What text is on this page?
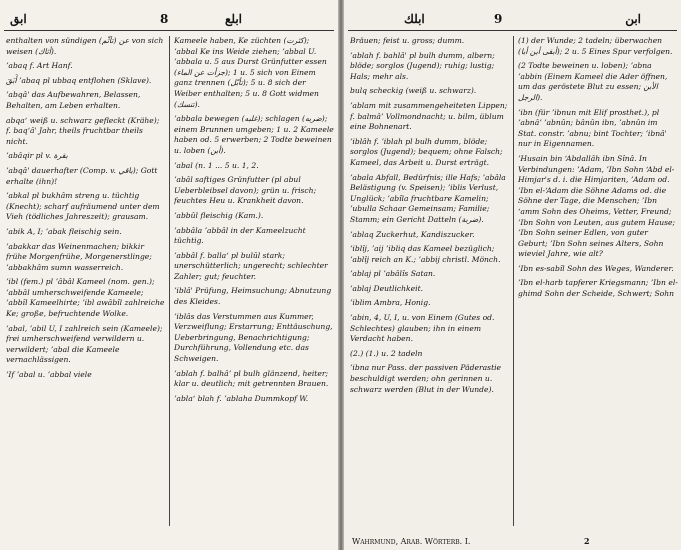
ابق	8	ابلع
enthalten von sündigen (تأثّم) عن von sich weisen (أثاك).
ʼabaq f. Art Hanf.
أَبَقَ ʼabaq pl ubbaq entflohen (Sklave).
ʼabqâ' das Aufbewahren, Belassen, Behalten, am Leben erhalten.
abqaʻ weiß u. schwarz gefleckt (Krähe); f. baqʻâ' Jahr, theils fruchtbar theils nicht.
ʼabâqir pl v. بقرة
ʼabqâ' dauerhafter (Comp. v. باقي); Gott erhalte (ihn)!
ʼabkal pl bukhâm streng u. tüchtig (Knecht); scharf aufräumend unter dem Vieh (tödliches Jahreszeit); grausam.
ʼabik A, I; ʼabak fleischig sein.
ʼabakkar das Weinenmachen; bikkir frühe Morgenfrühe, Morgenerstlinge; ʼabbakhâm sumn wasserreich.
ʼibl (fem.) pl ʼâbâl Kameel (nom. gen.); ʼabbâl umherschweifende Kameele; ʼabbîl Kameelhirte; ʼibl awâbîl zahlreiche Ke; große, befruchtende Wolke.
ʼabal, ʼabil U, I zahlreich sein (Kameele); frei umherschweifend verwildern u. verwildert; ʼabal die Kameele vernachlässigen.
ʼIf ʼabal u. ʼabbal viele
Kameele haben, Ke züchten (كثرت); ʼabbal Ke ins Weide ziehen; ʼabbal U. ʼabbala u. 5 aus Durst Grünfutter essen (جزأت عن الماء); 1 u. 5 sich von Einem ganz trennen (تأبّل); 5 u. 8 sich der Weiber enthalten; 5 u. 8 Gott widmen (تنسك).
ʼabbala bewegen (غلبه); schlagen (ضربه); einem Brunnen umgeben; 1 u. 2 Kameele haben od. 5 erwerben; 2 Todte beweinen u. loben (أبن).
ʼabal (n. 1 ... 5 u. 1, 2.
ʼabâl saftiges Grünfutter (pl abul Ueberbleibsel davon); grün u. frisch; feuchtes Heu u. Krankheit davon.
ʼabbûl fleischig (Kam.).
ʼabbâla ʼabbâl in der Kameelzucht tüchtig.
ʼabbâl f. ballaʻ pl bulûl stark; unerschütterlich; ungerecht; schlechter Zahler; gut; feuchter.
ʼiblâ' Prüfung, Heimsuchung; Abnutzung des Kleides.
ʼiblâs das Verstummen aus Kummer, Verzweiflung; Erstarrung; Enttäuschung, Ueberbringung, Benachrichtigung; Durchführung, Vollendung etc. das Schweigen.
ʼablah f. balhâʼ pl bulh glänzend, heiter; klar u. deutlich; mit getrennten Brauen.
ʼablaʻ blah f. ʼablaha Dummkopf W.
ابلك	9	ابن
Bräuen; feist u. gross; dumm.
ʼablah f. bahlâ' pl bulh dumm, albern; blöde; sorglos (Jugend); ruhig; lustig; Hals; mehr als.
bulq scheckig (weiß u. schwarz).
ʼablam mit zusammengeheiteten Lippen; f. balmâʼ Vollmondnacht; u. bilm, üblum eine Bohnenart.
ʼiblâh f. ʼiblah pl bulh dumm, blöde; sorglos (Jugend); bequem; ohne Falsch; Kameel, das Arbeit u. Durst erträgt.
ʼabala Abfall, Bedürfnis; ille Hafs; ʼabâla Belästigung (v. Speisen); ʼiblis Verlust, Unglück; ʼabîla fruchtbare Kamelin; ʼubulla Schaar Gemeinsam; Familie; Stamm; ein Gericht Datteln (ضربة).
ʼablaq Zuckerhut, Kandiszucker.
ʼiblîj, ʼaij ʼibliq das Kameel bezüglich; ʼablîj reich an K.; ʼabbij christl. Mönch.
ʼablaj pl ʼabâlîs Satan.
ʼablaj Deutlichkeit.
ʼiblim Ambra, Honig.
ʼabin, 4, U, I, u. von Einem (Gutes od. Schlechtes) glauben; ihn in einem Verdacht haben.
(2.) (1.) u. 2 tadeln
ʼibna nur Pass. der passiven Päderastie beschuldigt werden; ohn gerinnen u. schwarz werden (Blut in der Wunde).
(1) der Wunde; 2 tadeln; überwachen (أبقى أبن أبا); 2 u. 5 Eines Spur verfolgen.
(2 Todte beweinen u. loben); ʼabna ʼabbin (Einem Kameel die Ader öffnen, um das geröstete Blut zu essen; الأبن الرجل).
ʼibn (für ʼibnun mit Elif prosthet.), pl ʼabnâʼ ʼabnûn; bânûn ibn, ʼabnûn im Stat. constr. ʼabnu; bint Tochter; ʼibnâ' nur in Eigennamen.
ʼHusain bin ʻAbdallâh ibn Sînâ. In Verbindungen: ʼAdam, ʼIbn Sohn ʻAbd el-Himjar's d. i. die Himjariten, ʼAdam od. ʼIbn el-ʻAdam die Söhne Adams od. die Söhne der Tage, die Menschen; ʼIbn ʻamm Sohn des Oheims, Vetter, Freund; ʼIbn Sohn von Leuten, aus gutem Hause; ʼIbn Sohn seiner Edlen, von guter Geburt; ʼIbn Sohn seines Alters, Sohn wieviel Jahre, wie alt?
ʼIbn es-sabîl Sohn des Weges, Wanderer.
ʼIbn el-harb tapferer Kriegsmann; ʼIbn el-ghimd Sohn der Scheide, Schwert; Sohn
Wahrmund, Arab. Wörterb. I.	2
